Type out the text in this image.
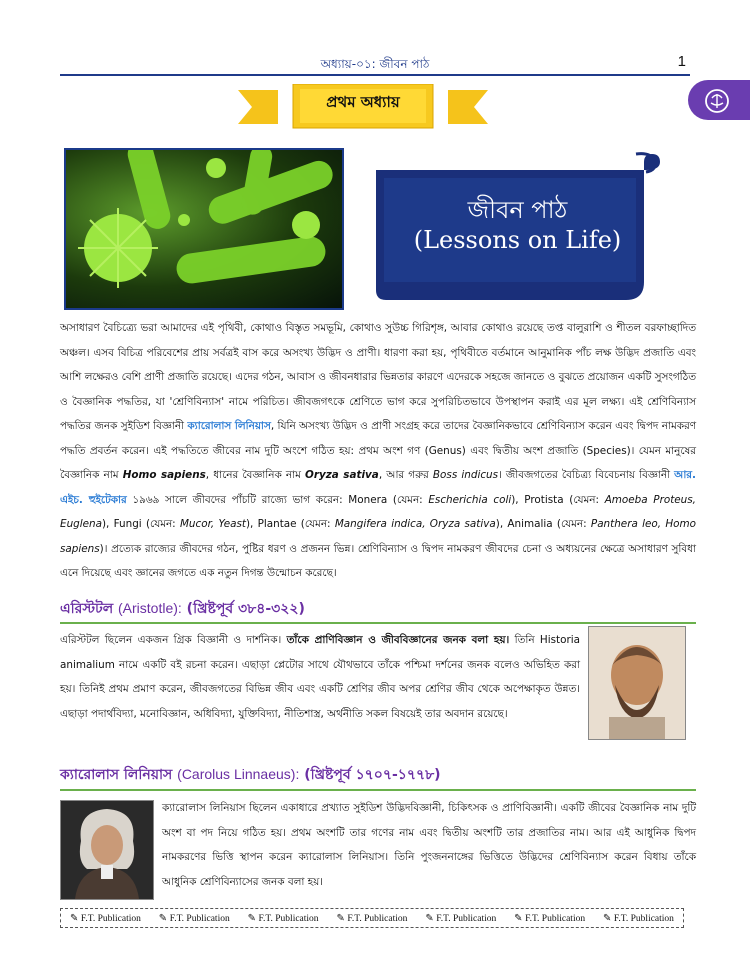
অধ্যায়-০১: জীবন পাঠ	1
প্রথম অধ্যায়
জীবন পাঠ
(Lessons on Life)
অসাধারণ বৈচিত্র্যে ভরা আমাদের এই পৃথিবী, কোথাও বিস্তৃত সমভূমি, কোথাও সুউচ্চ গিরিশৃঙ্গ, আবার কোথাও রয়েছে তপ্ত বালুরাশি ও শীতল বরফাচ্ছাদিত অঞ্চল। এসব বিচিত্র পরিবেশের প্রায় সর্বত্রই বাস করে অসংখ্য উদ্ভিদ ও প্রাণী। ধারণা করা হয়, পৃথিবীতে বর্তমানে আনুমানিক পাঁচ লক্ষ উদ্ভিদ প্রজাতি এবং আশি লক্ষেরও বেশি প্রাণী প্রজাতি রয়েছে। এদের গঠন, আবাস ও জীবনধারার ভিন্নতার কারণে এদেরকে সহজে জানতে ও বুঝতে প্রয়োজন একটি সুসংগঠিত ও বৈজ্ঞানিক পদ্ধতির, যা 'শ্রেণিবিন্যাস' নামে পরিচিত। জীবজগৎকে শ্রেণিতে ভাগ করে সুপরিচিতভাবে উপস্থাপন করাই এর মূল লক্ষ্য। এই শ্রেণিবিন্যাস পদ্ধতির জনক সুইডিশ বিজ্ঞানী ক্যারোলাস লিনিয়াস, যিনি অসংখ্য উদ্ভিদ ও প্রাণী সংগ্রহ করে তাদের বৈজ্ঞানিকভাবে শ্রেণিবিন্যাস করেন এবং দ্বিপদ নামকরণ পদ্ধতি প্রবর্তন করেন। এই পদ্ধতিতে জীবের নাম দুটি অংশে গঠিত হয়: প্রথম অংশ গণ (Genus) এবং দ্বিতীয় অংশ প্রজাতি (Species)। যেমন মানুষের বৈজ্ঞানিক নাম Homo sapiens, ধানের বৈজ্ঞানিক নাম Oryza sativa, আর গরুর Boss indicus। জীবজগতের বৈচিত্র্য বিবেচনায় বিজ্ঞানী আর. এইচ. হুইটেকার ১৯৬৯ সালে জীবদের পাঁচটি রাজ্যে ভাগ করেন: Monera (যেমন: Escherichia coli), Protista (যেমন: Amoeba Proteus, Euglena), Fungi (যেমন: Mucor, Yeast), Plantae (যেমন: Mangifera indica, Oryza sativa), Animalia (যেমন: Panthera leo, Homo sapiens)। প্রত্যেক রাজ্যের জীবদের গঠন, পুষ্টির ধরণ ও প্রজনন ভিন্ন। শ্রেণিবিন্যাস ও দ্বিপদ নামকরণ জীবদের চেনা ও অধ্যয়নের ক্ষেত্রে অসাধারণ সুবিধা এনে দিয়েছে এবং জ্ঞানের জগতে এক নতুন দিগন্ত উন্মোচন করেছে।
এরিস্টটল (Aristotle): (খ্রিষ্টপূর্ব ৩৮৪-৩২২)
এরিস্টটল ছিলেন একজন গ্রিক বিজ্ঞানী ও দার্শনিক। তাঁকে প্রাণিবিজ্ঞান ও জীববিজ্ঞানের জনক বলা হয়। তিনি Historia animalium নামে একটি বই রচনা করেন। এছাড়া প্লেটোর সাথে যৌথভাবে তাঁকে পশ্চিমা দর্শনের জনক বলেও অভিহিত করা হয়। তিনিই প্রথম প্রমাণ করেন, জীবজগতের বিভিন্ন জীব এবং একটি শ্রেণির জীব অপর শ্রেণির জীব থেকে অপেক্ষাকৃত উন্নত। এছাড়া পদার্থবিদ্যা, মনোবিজ্ঞান, অধিবিদ্যা, যুক্তিবিদ্যা, নীতিশাস্ত্র, অর্থনীতি সকল বিষয়েই তার অবদান রয়েছে।
ক্যারোলাস লিনিয়াস (Carolus Linnaeus): (খ্রিষ্টপূর্ব ১৭০৭-১৭৭৮)
ক্যারোলাস লিনিয়াস ছিলেন একাধারে প্রখ্যাত সুইডিশ উদ্ভিদবিজ্ঞানী, চিকিৎসক ও প্রাণিবিজ্ঞানী। একটি জীবের বৈজ্ঞানিক নাম দুটি অংশ বা পদ নিয়ে গঠিত হয়। প্রথম অংশটি তার গণের নাম এবং দ্বিতীয় অংশটি তার প্রজাতির নাম। আর এই আধুনিক দ্বিপদ নামকরণের ভিত্তি স্থাপন করেন ক্যারোলাস লিনিয়াস। তিনি পুংজননাঙ্গের ভিত্তিতে উদ্ভিদের শ্রেণিবিন্যাস করেন বিধায় তাঁকে আধুনিক শ্রেণিবিন্যাসের জনক বলা হয়।
✎ F.T. Publication	✎ F.T. Publication	✎ F.T. Publication	✎ F.T. Publication	✎ F.T. Publication	✎ F.T. Publication	✎ F.T. Publication
